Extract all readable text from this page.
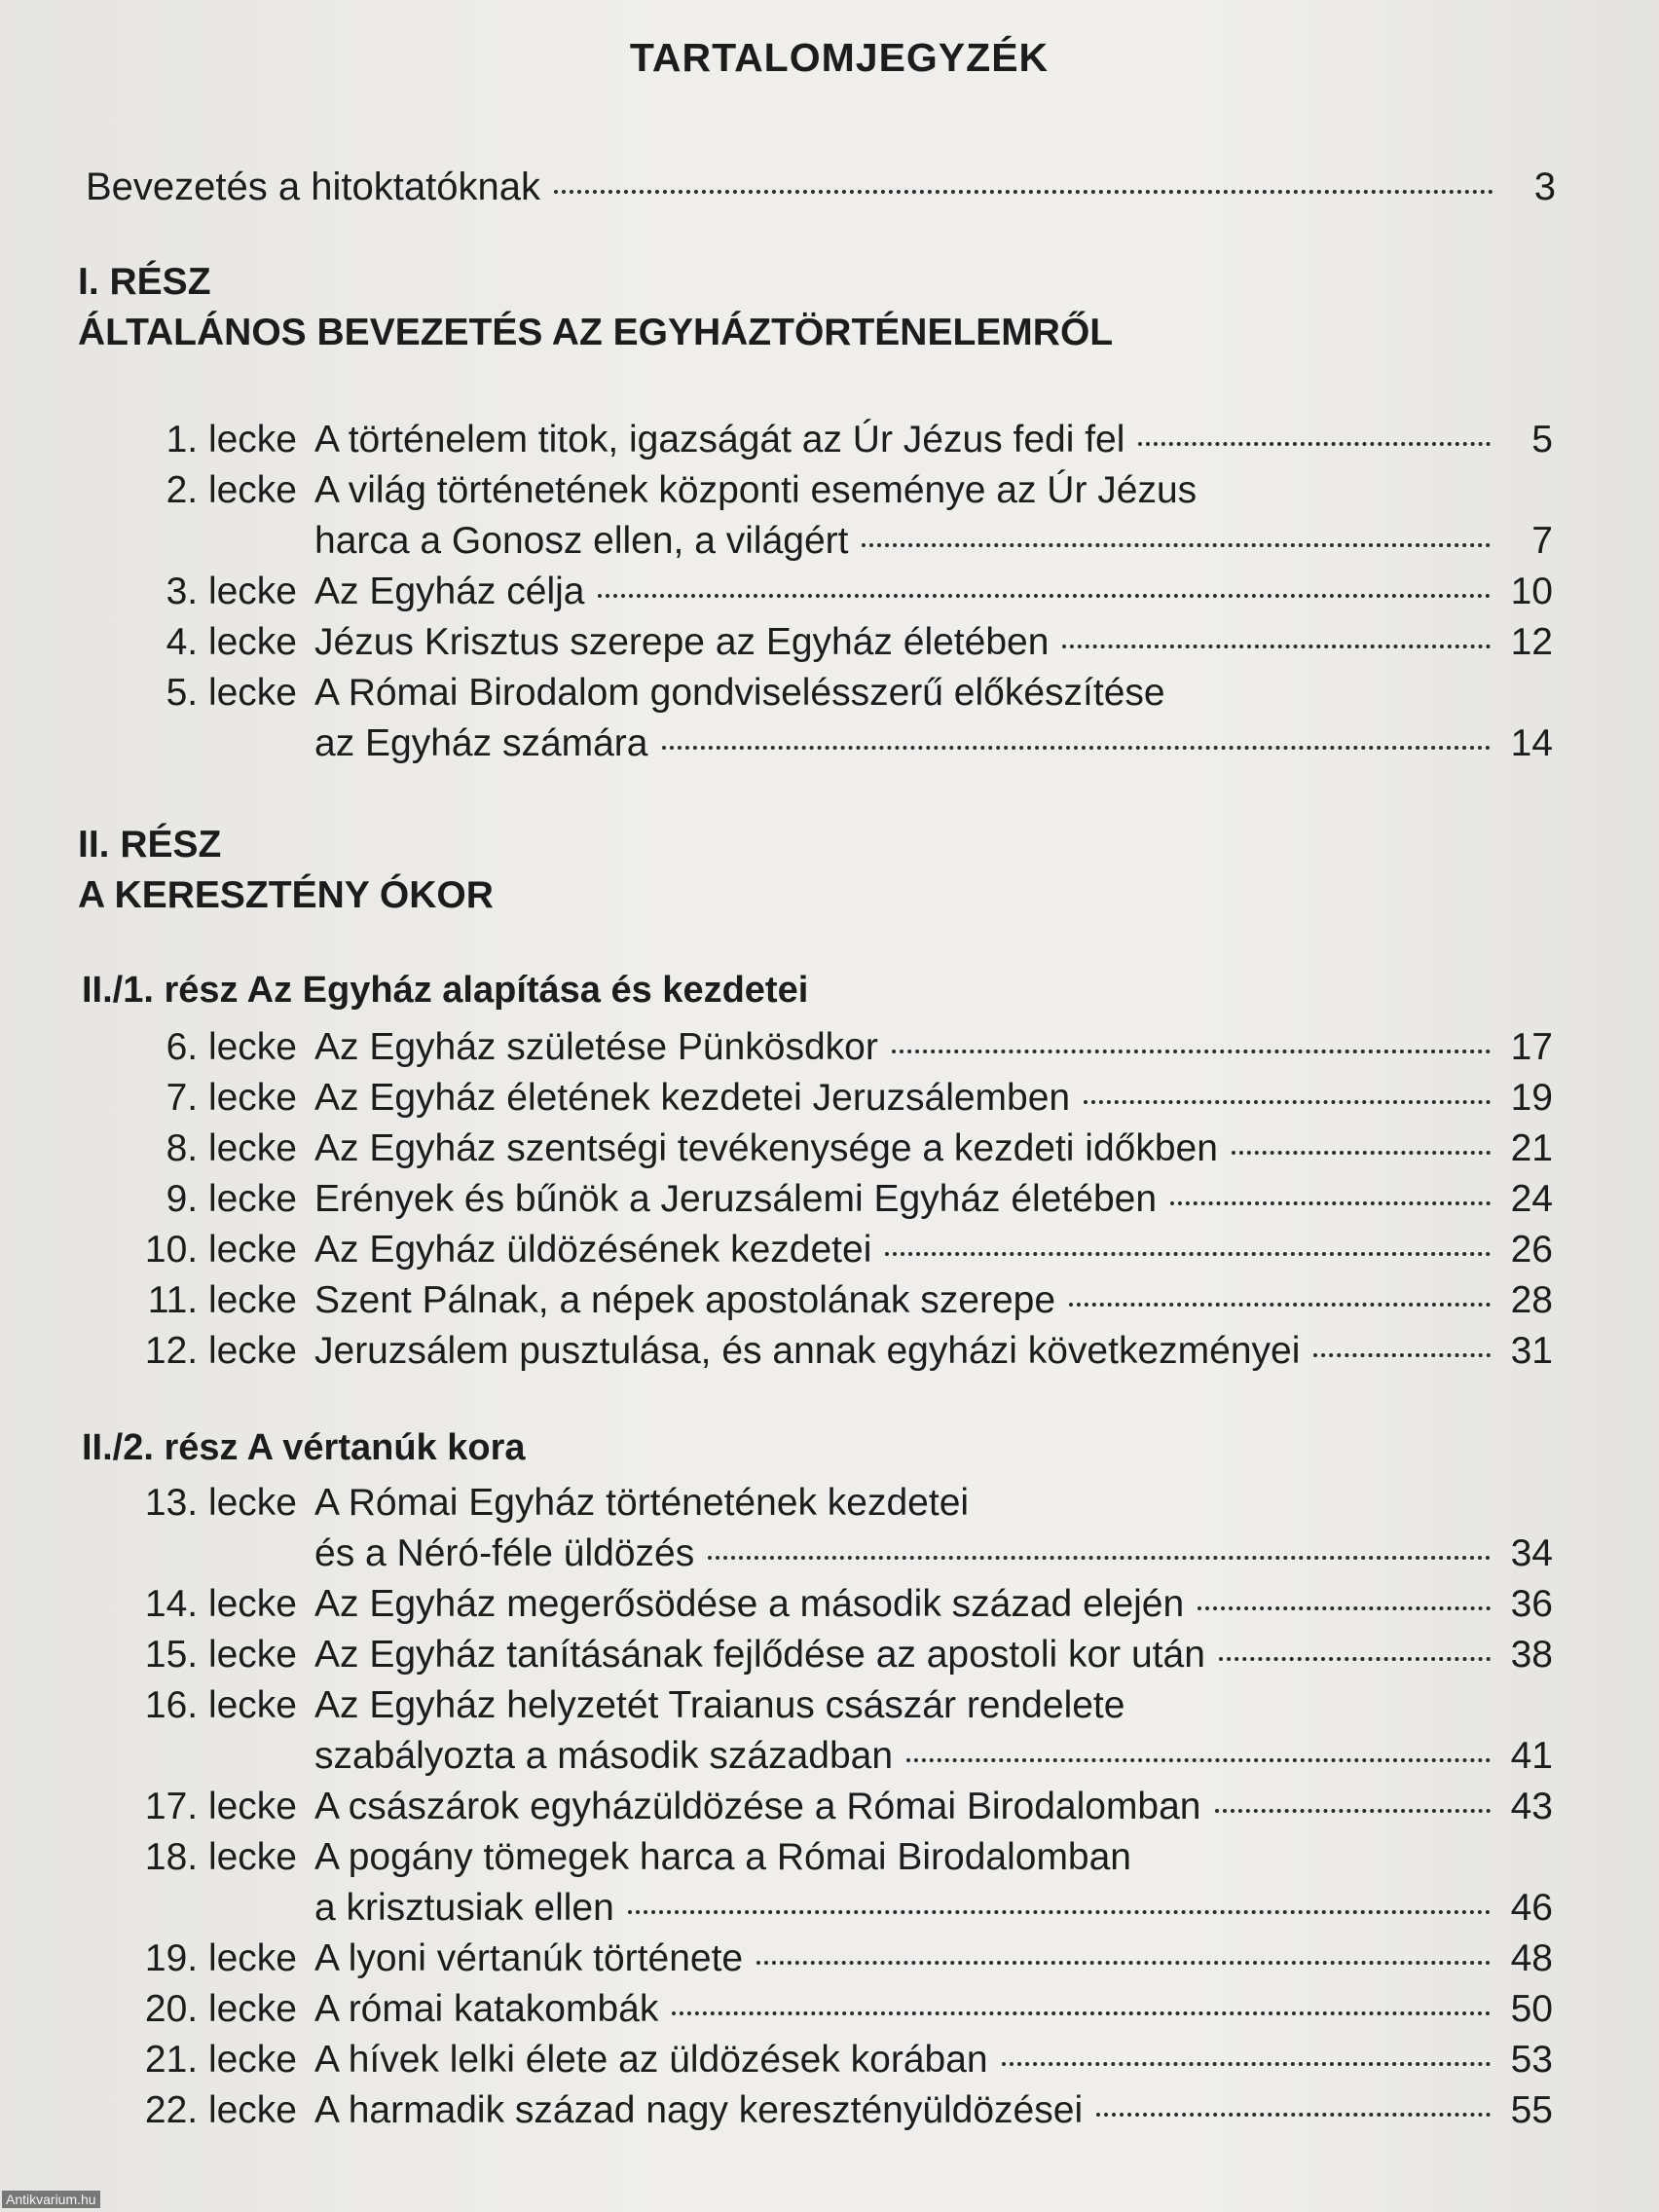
TARTALOMJEGYZÉK
Bevezetés a hitoktatóknak	3
I. RÉSZ
ÁLTALÁNOS BEVEZETÉS AZ EGYHÁZTÖRTÉNELEMRŐL
1. lecke A történelem titok, igazságát az Úr Jézus fedi fel	5
2. lecke A világ történetének központi eseménye az Úr Jézus
harca a Gonosz ellen, a világért	7
3. lecke Az Egyház célja	10
4. lecke Jézus Krisztus szerepe az Egyház életében	12
5. lecke A Római Birodalom gondviselésszerű előkészítése
az Egyház számára	14
II. RÉSZ
A KERESZTÉNY ÓKOR
II./1. rész Az Egyház alapítása és kezdetei
6. lecke Az Egyház születése Pünkösdkor	17
7. lecke Az Egyház életének kezdetei Jeruzsálemben	19
8. lecke Az Egyház szentségi tevékenysége a kezdeti időkben	21
9. lecke Erények és bűnök a Jeruzsálemi Egyház életében	24
10. lecke Az Egyház üldözésének kezdetei	26
11. lecke Szent Pálnak, a népek apostolának szerepe	28
12. lecke Jeruzsálem pusztulása, és annak egyházi következményei	31
II./2. rész A vértanúk kora
13. lecke A Római Egyház történetének kezdetei
és a Néró-féle üldözés	34
14. lecke Az Egyház megerősödése a második század elején	36
15. lecke Az Egyház tanításának fejlődése az apostoli kor után	38
16. lecke Az Egyház helyzetét Traianus császár rendelete
szabályozta a második században	41
17. lecke A császárok egyházüldözése a Római Birodalomban	43
18. lecke A pogány tömegek harca a Római Birodalomban
a krisztusiak ellen	46
19. lecke A lyoni vértanúk története	48
20. lecke A római katakombák	50
21. lecke A hívek lelki élete az üldözések korában	53
22. lecke A harmadik század nagy keresztényüldözései	55
Antikvarium.hu
